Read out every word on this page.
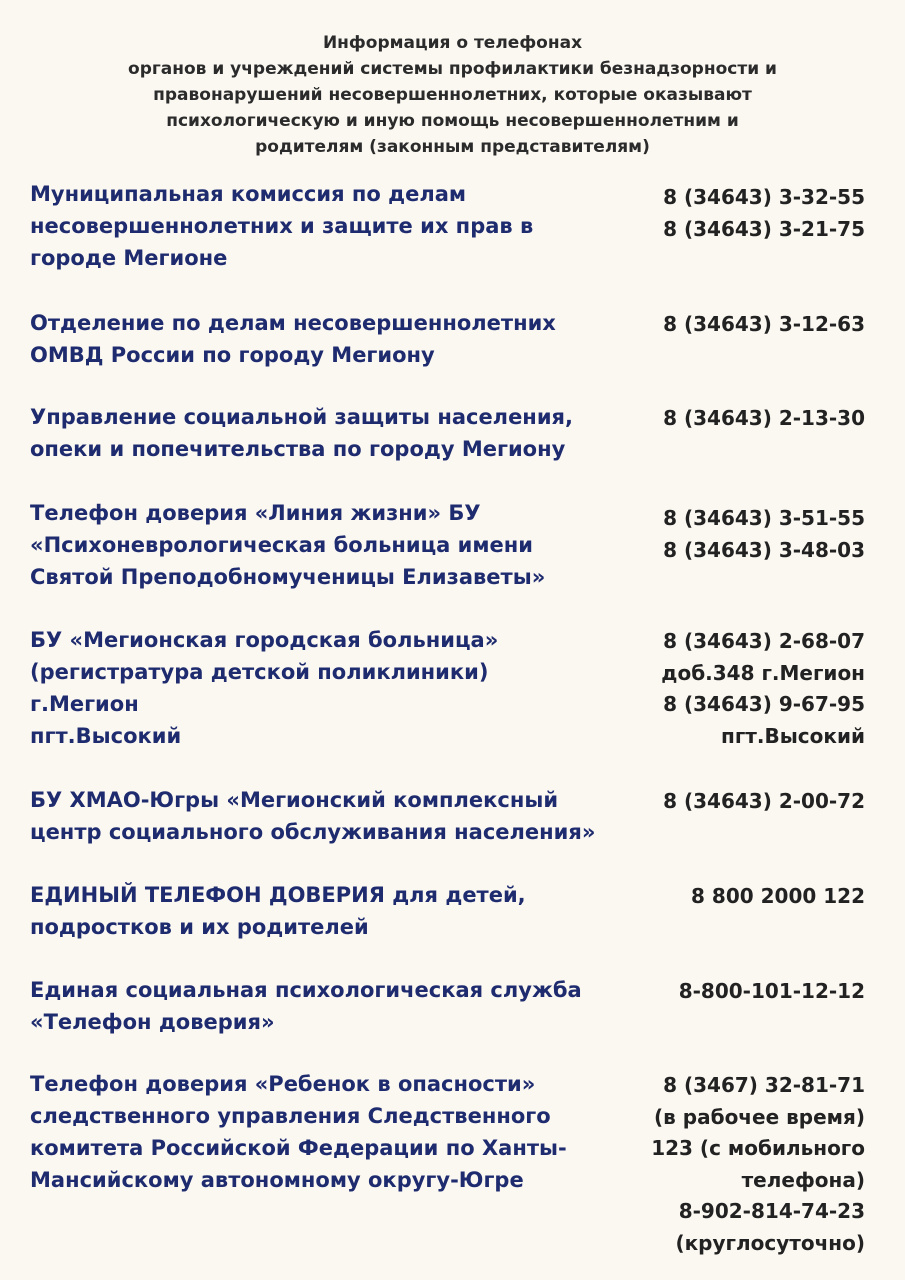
Информация о телефонах
органов и учреждений системы профилактики безнадзорности и
правонарушений несовершеннолетних, которые оказывают
психологическую и иную помощь несовершеннолетним и
родителям (законным представителям)
Муниципальная комиссия по делам
несовершеннолетних и защите их прав в
городе Мегионе
8 (34643) 3-32-55
8 (34643) 3-21-75
Отделение по делам несовершеннолетних
ОМВД России по городу Мегиону
8 (34643) 3-12-63
Управление социальной защиты населения,
опеки и попечительства по городу Мегиону
8 (34643) 2-13-30
Телефон доверия «Линия жизни» БУ
«Психоневрологическая больница имени
Святой Преподобномученицы Елизаветы»
8 (34643) 3-51-55
8 (34643) 3-48-03
БУ «Мегионская городская больница»
(регистратура детской поликлиники)
г.Мегион
пгт.Высокий
8 (34643) 2-68-07
доб.348 г.Мегион
8 (34643) 9-67-95
пгт.Высокий
БУ ХМАО-Югры «Мегионский комплексный
центр социального обслуживания населения»
8 (34643) 2-00-72
ЕДИНЫЙ ТЕЛЕФОН ДОВЕРИЯ для детей,
подростков и их родителей
8 800 2000 122
Единая социальная психологическая служба
«Телефон доверия»
8-800-101-12-12
Телефон доверия «Ребенок в опасности»
следственного управления Следственного
комитета Российской Федерации по Ханты-
Мансийскому автономному округу-Югре
8 (3467) 32-81-71
(в рабочее время)
123 (с мобильного
телефона)
8-902-814-74-23
(круглосуточно)
